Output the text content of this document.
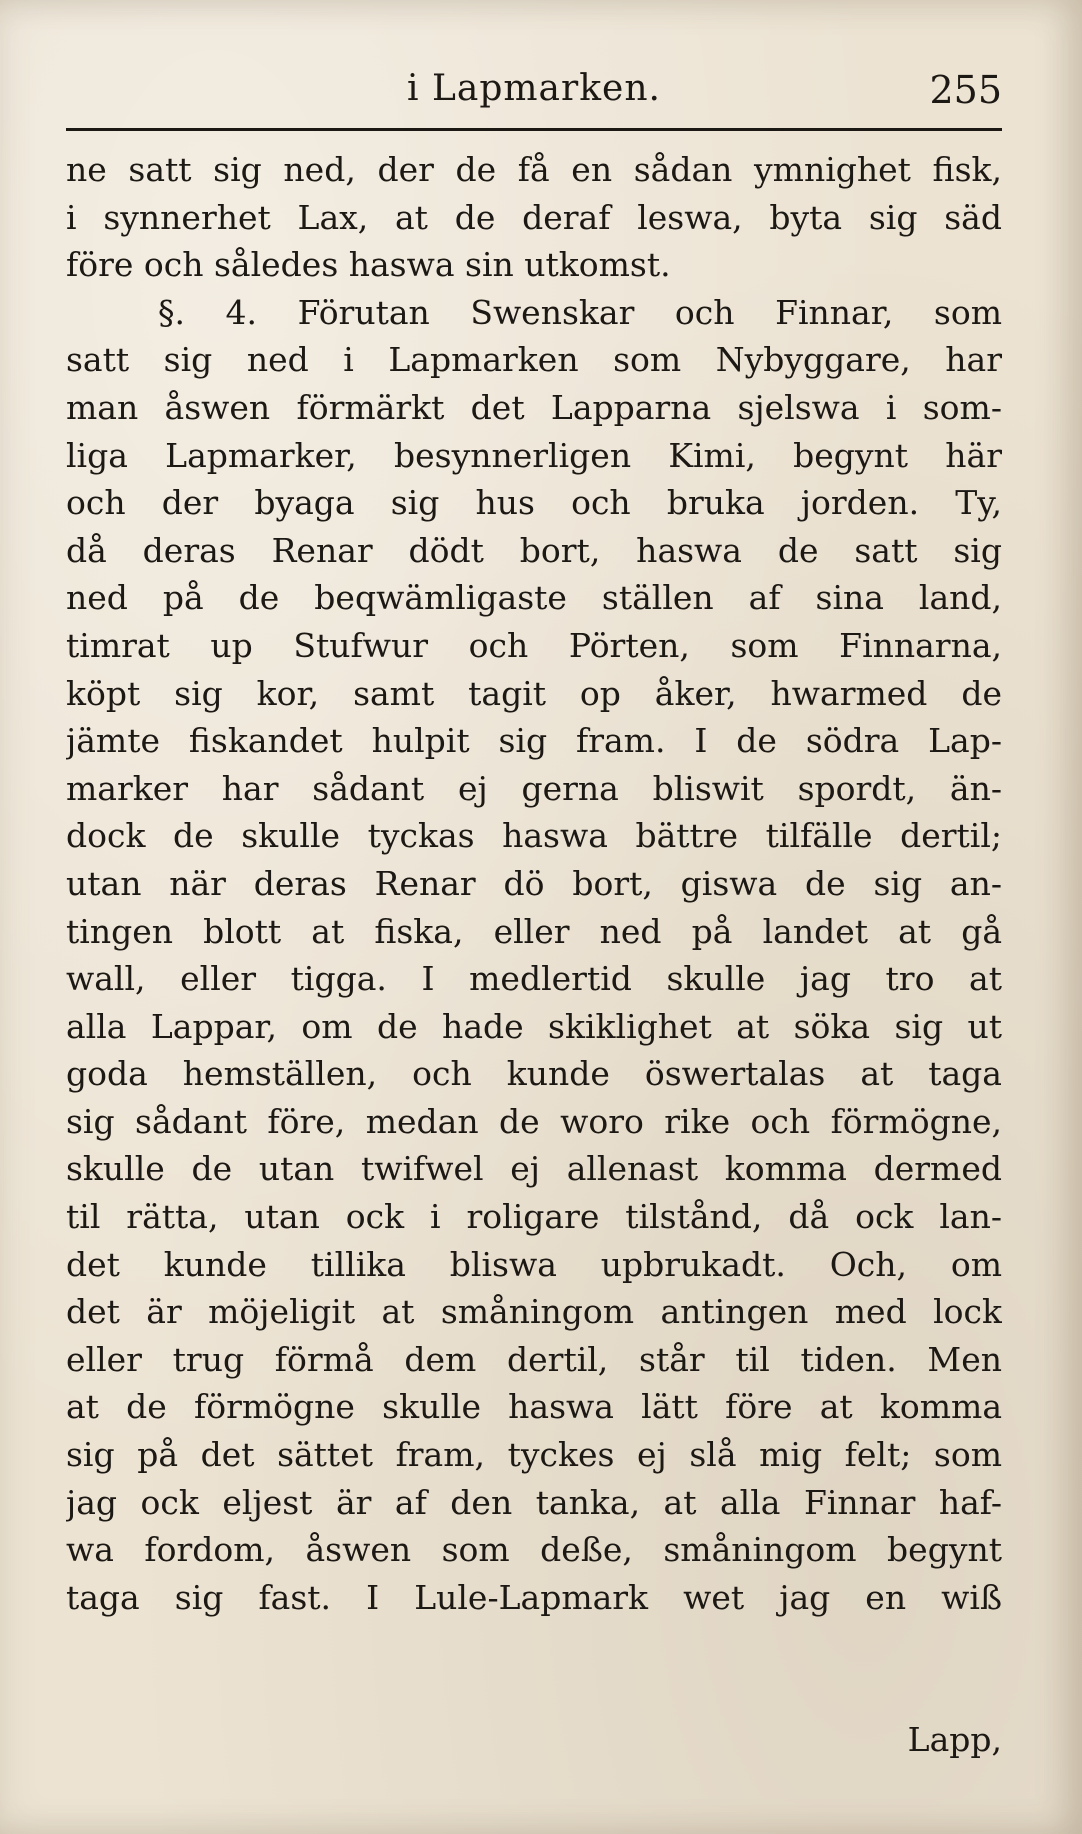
i Lapmarken.	255
ne satt sig ned, der de få en sådan ymnighet fisk,
i synnerhet Lax, at de deraf leswa, byta sig säd
före och således haswa sin utkomst.
§. 4. Förutan Swenskar och Finnar, som
satt sig ned i Lapmarken som Nybyggare, har
man åswen förmärkt det Lapparna sjelswa i som-
liga Lapmarker, besynnerligen Kimi, begynt här
och der byaga sig hus och bruka jorden. Ty,
då deras Renar dödt bort, haswa de satt sig
ned på de beqwämligaste ställen af sina land,
timrat up Stufwur och Pörten, som Finnarna,
köpt sig kor, samt tagit op åker, hwarmed de
jämte fiskandet hulpit sig fram. I de södra Lap-
marker har sådant ej gerna bliswit spordt, än-
dock de skulle tyckas haswa bättre tilfälle dertil;
utan när deras Renar dö bort, giswa de sig an-
tingen blott at fiska, eller ned på landet at gå
wall, eller tigga. I medlertid skulle jag tro at
alla Lappar, om de hade skiklighet at söka sig ut
goda hemställen, och kunde öswertalas at taga
sig sådant före, medan de woro rike och förmögne,
skulle de utan twifwel ej allenast komma dermed
til rätta, utan ock i roligare tilstånd, då ock lan-
det kunde tillika bliswa upbrukadt. Och, om
det är möjeligit at småningom antingen med lock
eller trug förmå dem dertil, står til tiden. Men
at de förmögne skulle haswa lätt före at komma
sig på det sättet fram, tyckes ej slå mig felt; som
jag ock eljest är af den tanka, at alla Finnar haf-
wa fordom, åswen som deße, småningom begynt
taga sig fast. I Lule-Lapmark wet jag en wiß
Lapp,
